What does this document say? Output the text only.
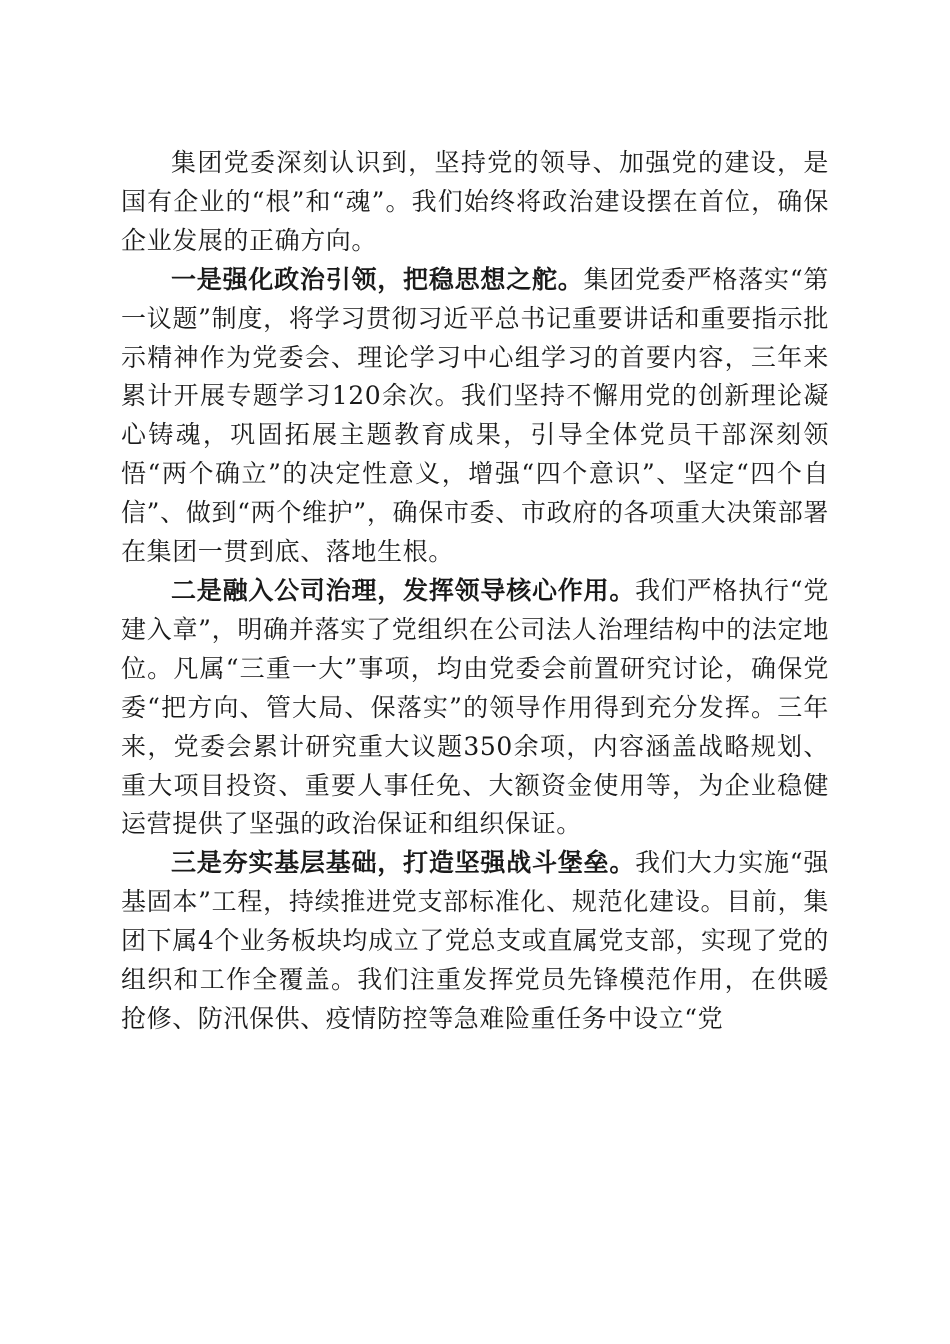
集团党委深刻认识到，坚持党的领导、加强党的建设，是国有企业的“根”和“魂”。我们始终将政治建设摆在首位，确保企业发展的正确方向。

一是强化政治引领，把稳思想之舵。集团党委严格落实“第一议题”制度，将学习贯彻习近平总书记重要讲话和重要指示批示精神作为党委会、理论学习中心组学习的首要内容，三年来累计开展专题学习120余次。我们坚持不懈用党的创新理论凝心铸魂，巩固拓展主题教育成果，引导全体党员干部深刻领悟“两个确立”的决定性意义，增强“四个意识”、坚定“四个自信”、做到“两个维护”，确保市委、市政府的各项重大决策部署在集团一贯到底、落地生根。

二是融入公司治理，发挥领导核心作用。我们严格执行“党建入章”，明确并落实了党组织在公司法人治理结构中的法定地位。凡属“三重一大”事项，均由党委会前置研究讨论，确保党委“把方向、管大局、保落实”的领导作用得到充分发挥。三年来，党委会累计研究重大议题350余项，内容涵盖战略规划、重大项目投资、重要人事任免、大额资金使用等，为企业稳健运营提供了坚强的政治保证和组织保证。

三是夯实基层基础，打造坚强战斗堡垒。我们大力实施“强基固本”工程，持续推进党支部标准化、规范化建设。目前，集团下属4个业务板块均成立了党总支或直属党支部，实现了党的组织和工作全覆盖。我们注重发挥党员先锋模范作用，在供暖抢修、防汛保供、疫情防控等急难险重任务中设立“党
